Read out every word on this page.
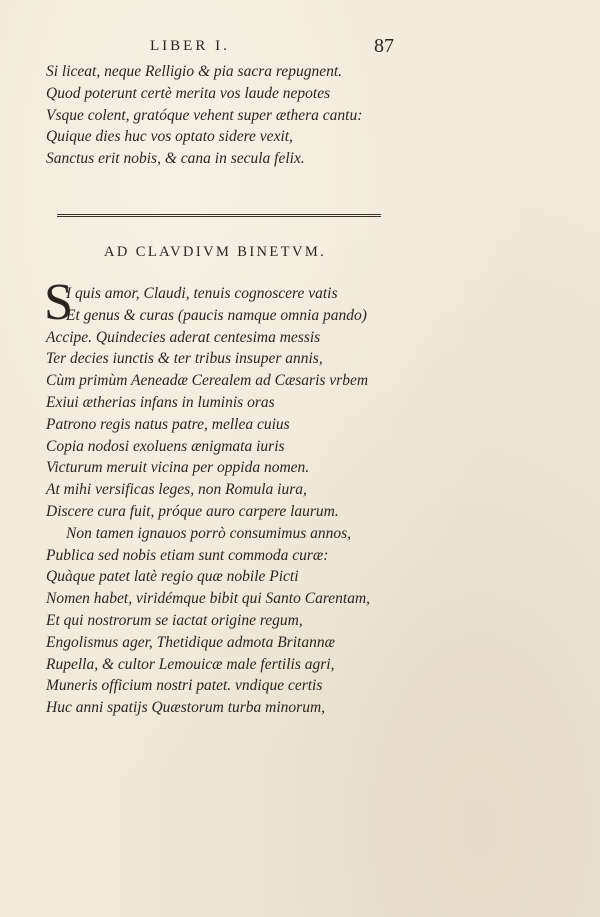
LIBER I.	87
Si liceat, neque Relligio & pia sacra repugnent.
Quod poterunt certè merita vos laude nepotes
Vsque colent, gratóque vehent super æthera cantu:
Quique dies huc vos optato sidere vexit,
Sanctus erit nobis, & cana in secula felix.
AD CLAVDIVM BINETVM.
S
I quis amor, Claudi, tenuis cognoscere vatis
Et genus & curas (paucis namque omnia pando)
Accipe. Quindecies aderat centesima messis
Ter decies iunctis & ter tribus insuper annis,
Cùm primùm Aeneadæ Cerealem ad Cæsaris vrbem
Exiui ætherias infans in luminis oras
Patrono regis natus patre, mellea cuius
Copia nodosi exoluens ænigmata iuris
Victurum meruit vicina per oppida nomen.
At mihi versificas leges, non Romula iura,
Discere cura fuit, próque auro carpere laurum.
Non tamen ignauos porrò consumimus annos,
Publica sed nobis etiam sunt commoda curæ:
Quàque patet latè regio quæ nobile Picti
Nomen habet, viridémque bibit qui Santo Carentam,
Et qui nostrorum se iactat origine regum,
Engolismus ager, Thetidique admota Britannæ
Rupella, & cultor Lemouicæ male fertilis agri,
Muneris officium nostri patet. vndique certis
Huc anni spatijs Quæstorum turba minorum,
